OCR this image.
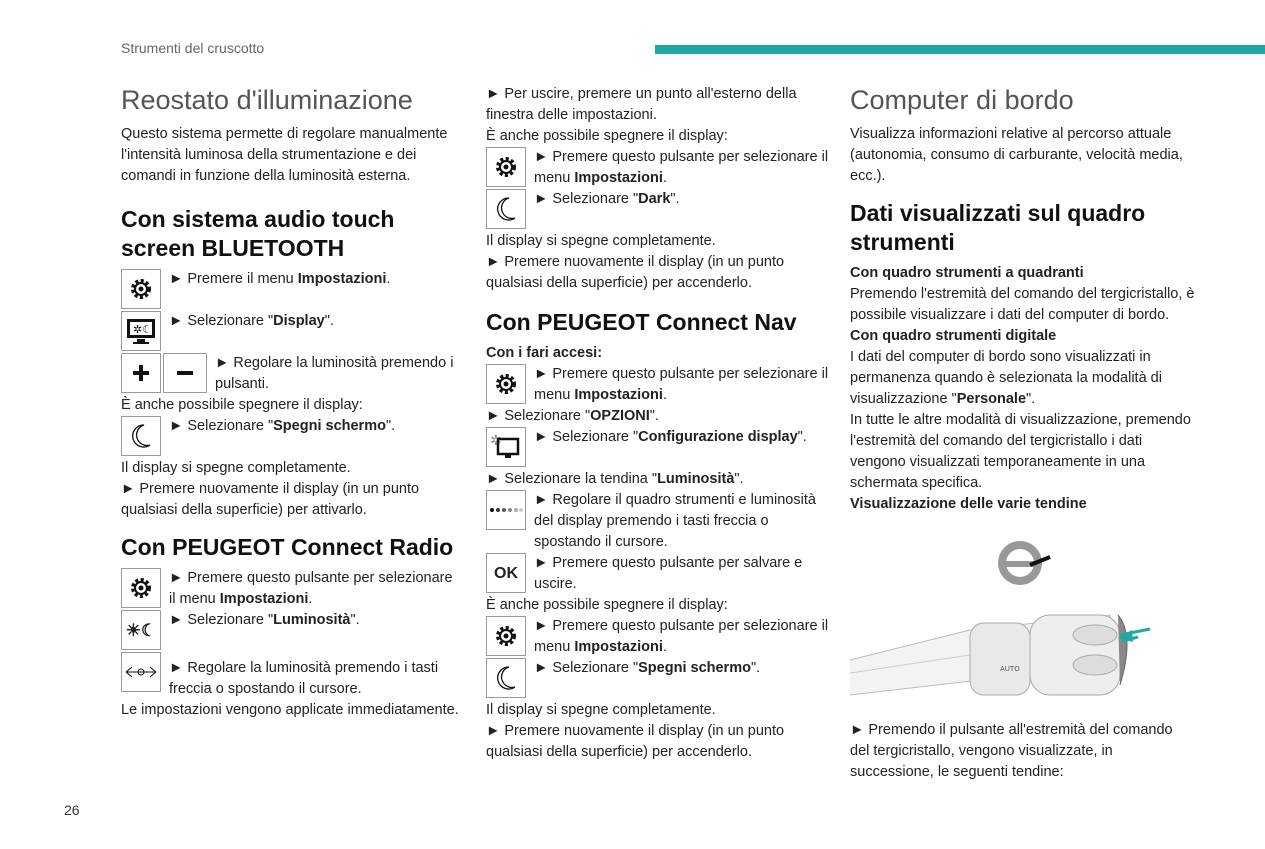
Strumenti del cruscotto
26
Reostato d'illuminazione

Questo sistema permette di regolare manualmente l'intensità luminosa della strumentazione e dei comandi in funzione della luminosità esterna.

Con sistema audio touch screen BLUETOOTH
► Premere il menu Impostazioni.
✲☾
► Selezionare "Display".
► Regolare la luminosità premendo i pulsanti.

È anche possibile spegnere il display:

► Selezionare "Spegni schermo".

Il display si spegne completamente.

► Premere nuovamente il display (in un punto qualsiasi della superficie) per attivarlo.

Con PEUGEOT Connect Radio
► Premere questo pulsante per selezionare il menu Impostazioni.
☀☾
► Selezionare "Luminosità".
► Regolare la luminosità premendo i tasti freccia o spostando il cursore.

Le impostazioni vengono applicate immediatamente.

► Per uscire, premere un punto all'esterno della finestra delle impostazioni.

È anche possibile spegnere il display:

► Premere questo pulsante per selezionare il menu Impostazioni.
► Selezionare "Dark".

Il display si spegne completamente.

► Premere nuovamente il display (in un punto qualsiasi della superficie) per accenderlo.

Con PEUGEOT Connect Nav

Con i fari accesi:

► Premere questo pulsante per selezionare il menu Impostazioni.

► Selezionare "OPZIONI".

✲ ► Selezionare "Configurazione display".

► Selezionare la tendina "Luminosità".

► Regolare il quadro strumenti e luminosità del display premendo i tasti freccia o spostando il cursore.
OK
► Premere questo pulsante per salvare e uscire.

È anche possibile spegnere il display:

► Premere questo pulsante per selezionare il menu Impostazioni.
► Selezionare "Spegni schermo".

Il display si spegne completamente.

► Premere nuovamente il display (in un punto qualsiasi della superficie) per accenderlo.

Computer di bordo

Visualizza informazioni relative al percorso attuale (autonomia, consumo di carburante, velocità media, ecc.).

Dati visualizzati sul quadro strumenti

Con quadro strumenti a quadranti

Premendo l'estremità del comando del tergicristallo, è possibile visualizzare i dati del computer di bordo.

Con quadro strumenti digitale

I dati del computer di bordo sono visualizzati in permanenza quando è selezionata la modalità di visualizzazione "Personale".

In tutte le altre modalità di visualizzazione, premendo l'estremità del comando del tergicristallo i dati vengono visualizzati temporaneamente in una schermata specifica.

Visualizzazione delle varie tendine

AUTO

► Premendo il pulsante all'estremità del comando del tergicristallo, vengono visualizzate, in successione, le seguenti tendine:
